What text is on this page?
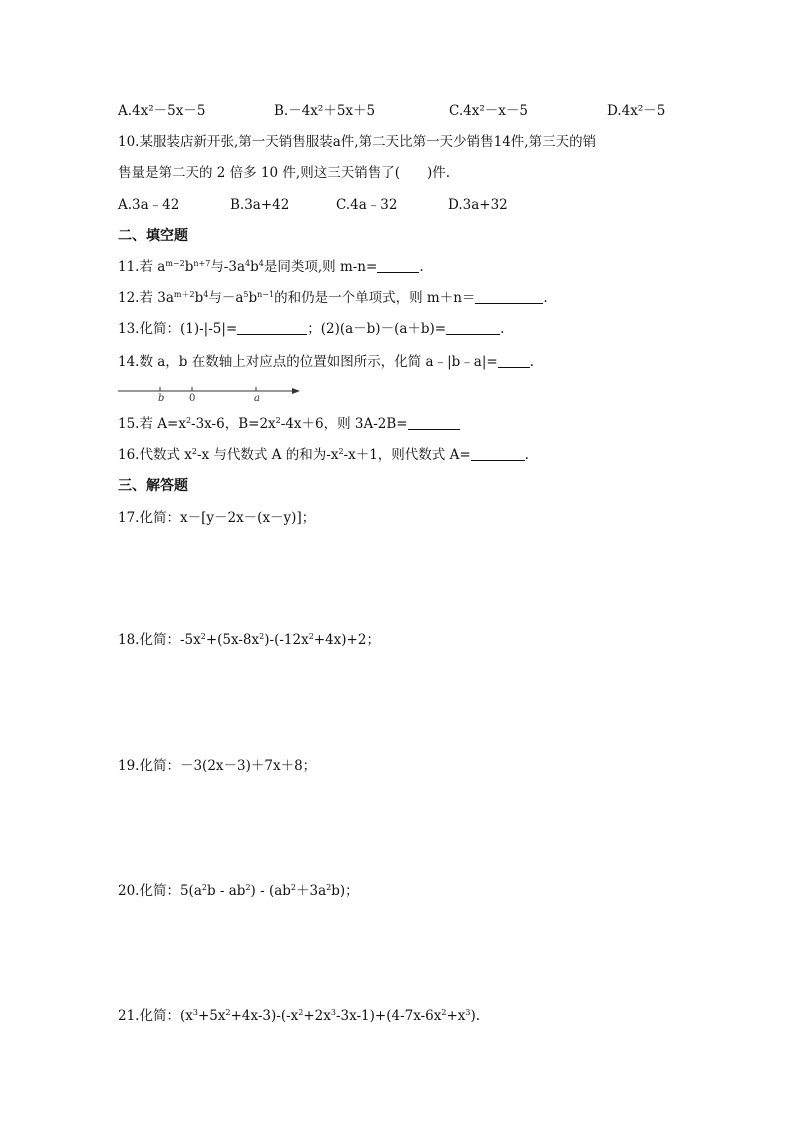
A.4x²－5x－5	B.－4x²＋5x＋5	C.4x²－x－5	D.4x²－5
10.某服装店新开张,第一天销售服装a件,第二天比第一天少销售14件,第三天的销
售量是第二天的 2 倍多 10 件,则这三天销售了(　　)件.
A.3a﹣42	B.3a+42	C.4a﹣32	D.3a+32
二、填空题
11.若 $a^{m-2}b^{n+7}$与$-3a^4b^4$是同类项,则 m-n=	.
12.若 $3a^{m+2}b^4$与$-a^5b^{n-1}$的和仍是一个单项式，则 m＋n＝	.
13.化简：(1)-|-5|=	；(2)(a－b)－(a＋b)=	.
14.数 a，b 在数轴上对应点的位置如图所示，化简 a﹣|b﹣a|= .
b 0	a
15.若 $A=x^2-3x-6$，$B=2x^2-4x+6$，则 3A-2B=
16.代数式 $x^2-x$ 与代数式 A 的和为$-x^2-x+1$，则代数式 A=	.
三、解答题
17.化简：x－[y－2x－(x－y)]；
18.化简：$-5x^2+(5x-8x^2)-(-12x^2+4x)+2$；
19.化简：－3(2x－3)＋7x＋8；
20.化简：$5(a^2b - ab^2) - (ab^2+3a^2b)$；
21.化简：$(x^3+5x^2+4x-3)-(-x^2+2x^3-3x-1)+(4-7x-6x^2+x^3)$.
